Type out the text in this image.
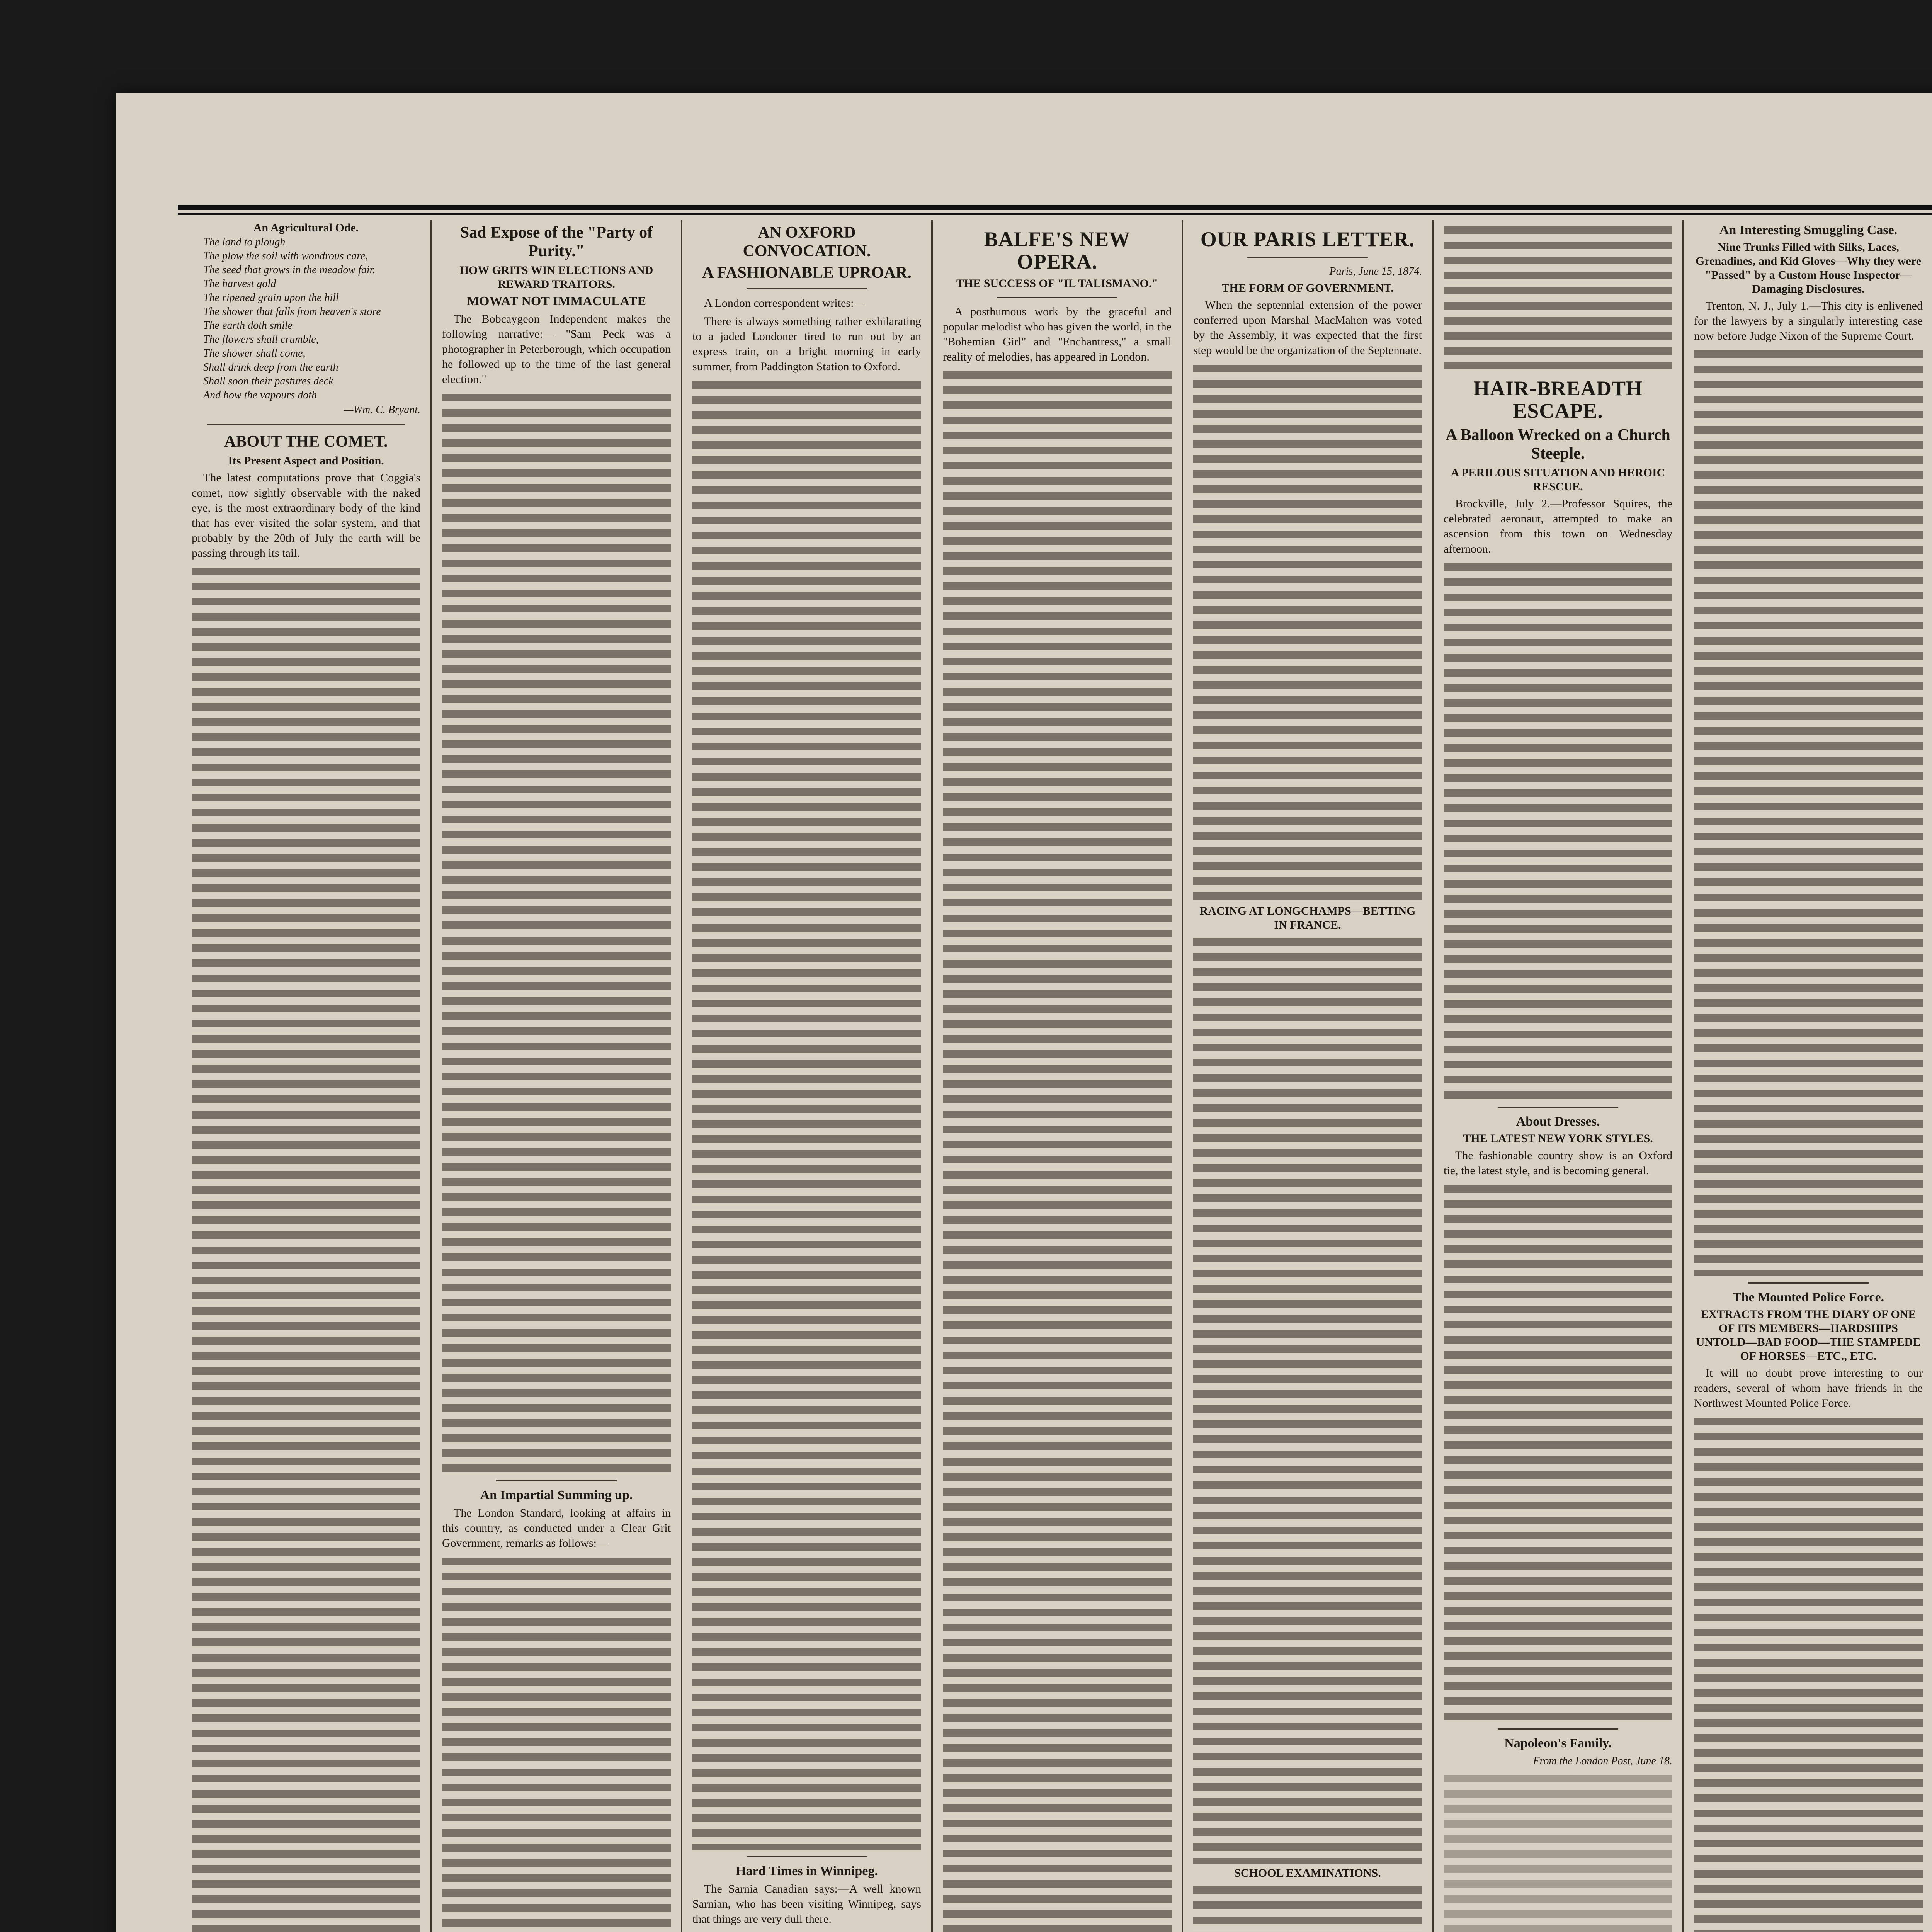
An Agricultural Ode.
The land to plough
The plow the soil with wondrous care,
The seed that grows in the meadow fair.
The harvest gold
The ripened grain upon the hill
The shower that falls from heaven's store
The earth doth smile
The flowers shall crumble,
The shower shall come,
Shall drink deep from the earth
Shall soon their pastures deck
And how the vapours doth
—Wm. C. Bryant.
ABOUT THE COMET.
Its Present Aspect and Position.

The latest computations prove that Coggia's comet, now sightly observable with the naked eye, is the most extraordinary body of the kind that has ever visited the solar system, and that probably by the 20th of July the earth will be passing through its tail.

Sad Expose of the "Party of Purity."
HOW GRITS WIN ELECTIONS AND REWARD TRAITORS.
MOWAT NOT IMMACULATE

The Bobcaygeon Independent makes the following narrative:— "Sam Peck was a photographer in Peterborough, which occupation he followed up to the time of the last general election."

An Impartial Summing up.

The London Standard, looking at affairs in this country, as conducted under a Clear Grit Government, remarks as follows:—

AN OXFORD CONVOCATION.
A FASHIONABLE UPROAR.

A London correspondent writes:—

There is always something rather exhilarating to a jaded Londoner tired to run out by an express train, on a bright morning in early summer, from Paddington Station to Oxford.

Hard Times in Winnipeg.

The Sarnia Canadian says:—A well known Sarnian, who has been visiting Winnipeg, says that things are very dull there.

BALFE'S NEW OPERA.
THE SUCCESS OF "IL TALISMANO."

A posthumous work by the graceful and popular melodist who has given the world, in the "Bohemian Girl" and "Enchantress," a small reality of melodies, has appeared in London.

OUR PARIS LETTER.
Paris, June 15, 1874.
THE FORM OF GOVERNMENT.

When the septennial extension of the power conferred upon Marshal MacMahon was voted by the Assembly, it was expected that the first step would be the organization of the Septennate.

RACING AT LONGCHAMPS—BETTING IN FRANCE.
SCHOOL EXAMINATIONS.
HAIR-BREADTH ESCAPE.
A Balloon Wrecked on a Church Steeple.
A PERILOUS SITUATION AND HEROIC RESCUE.

Brockville, July 2.—Professor Squires, the celebrated aeronaut, attempted to make an ascension from this town on Wednesday afternoon.

About Dresses.
THE LATEST NEW YORK STYLES.

The fashionable country show is an Oxford tie, the latest style, and is becoming general.

Napoleon's Family.
From the London Post, June 18.
An Interesting Smuggling Case.
Nine Trunks Filled with Silks, Laces, Grenadines, and Kid Gloves—Why they were "Passed" by a Custom House Inspector—Damaging Disclosures.

Trenton, N. J., July 1.—This city is enlivened for the lawyers by a singularly interesting case now before Judge Nixon of the Supreme Court.

The Mounted Police Force.
EXTRACTS FROM THE DIARY OF ONE OF ITS MEMBERS—HARDSHIPS UNTOLD—BAD FOOD—THE STAMPEDE OF HORSES—ETC., ETC.

It will no doubt prove interesting to our readers, several of whom have friends in the Northwest Mounted Police Force.
